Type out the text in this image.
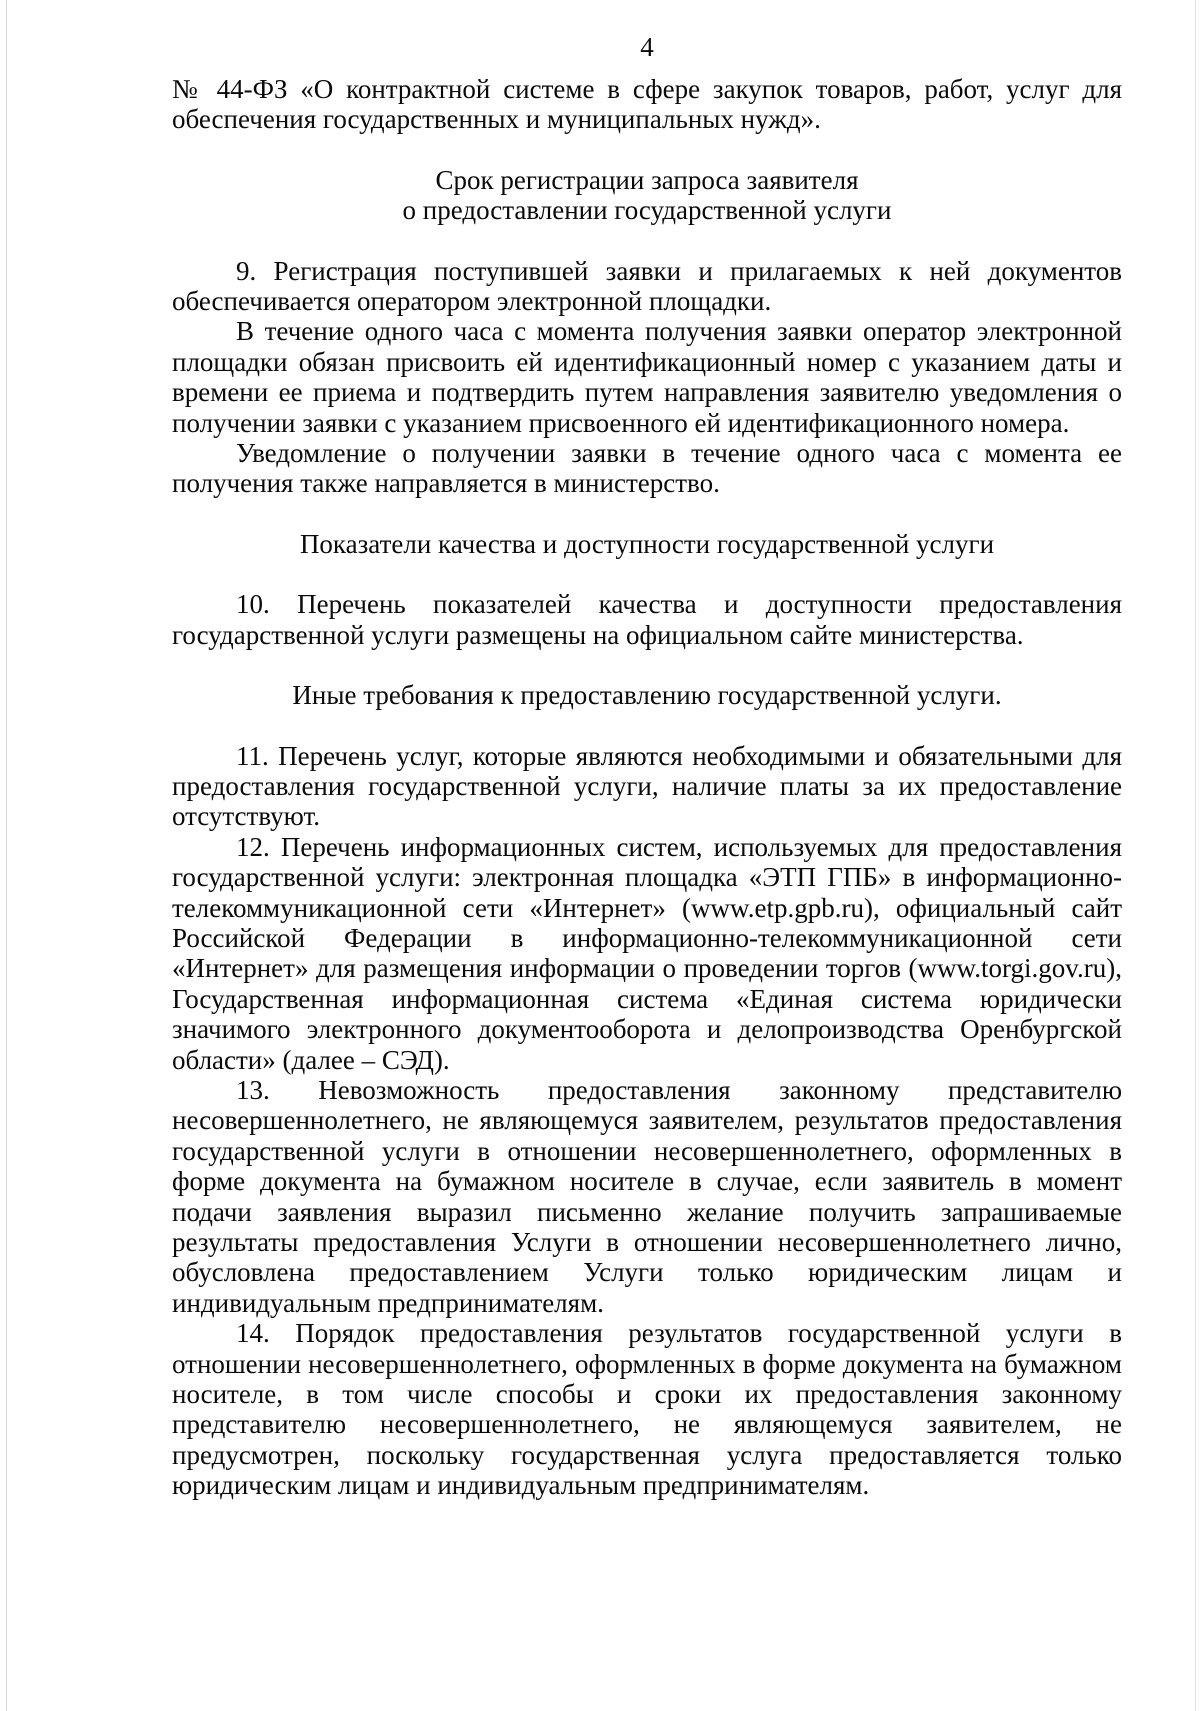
4

№ 44-ФЗ «О контрактной системе в сфере закупок товаров, работ, услуг для обеспечения государственных и муниципальных нужд».

Срок регистрации запроса заявителя

о предоставлении государственной услуги

9. Регистрация поступившей заявки и прилагаемых к ней документов обеспечивается оператором электронной площадки.

В течение одного часа с момента получения заявки оператор электронной площадки обязан присвоить ей идентификационный номер с указанием даты и времени ее приема и подтвердить путем направления заявителю уведомления о получении заявки с указанием присвоенного ей идентификационного номера.

Уведомление о получении заявки в течение одного часа с момента ее получения также направляется в министерство.

Показатели качества и доступности государственной услуги

10. Перечень показателей качества и доступности предоставления государственной услуги размещены на официальном сайте министерства.

Иные требования к предоставлению государственной услуги.

11. Перечень услуг, которые являются необходимыми и обязательными для предоставления государственной услуги, наличие платы за их предоставление отсутствуют.

12. Перечень информационных систем, используемых для предоставления государственной услуги: электронная площадка «ЭТП ГПБ» в информационно-телекоммуникационной сети «Интернет» (www.etp.gpb.ru), официальный сайт Российской Федерации в информационно-телекоммуникационной сети «Интернет» для размещения информации о проведении торгов (www.torgi.gov.ru), Государственная информационная система «Единая система юридически значимого электронного документооборота и делопроизводства Оренбургской области» (далее – СЭД).

13. Невозможность предоставления законному представителю несовершеннолетнего, не являющемуся заявителем, результатов предоставления государственной услуги в отношении несовершеннолетнего, оформленных в форме документа на бумажном носителе в случае, если заявитель в момент подачи заявления выразил письменно желание получить запрашиваемые результаты предоставления Услуги в отношении несовершеннолетнего лично, обусловлена предоставлением Услуги только юридическим лицам и индивидуальным предпринимателям.

14. Порядок предоставления результатов государственной услуги в отношении несовершеннолетнего, оформленных в форме документа на бумажном носителе, в том числе способы и сроки их предоставления законному представителю несовершеннолетнего, не являющемуся заявителем, не предусмотрен, поскольку государственная услуга предоставляется только юридическим лицам и индивидуальным предпринимателям.
